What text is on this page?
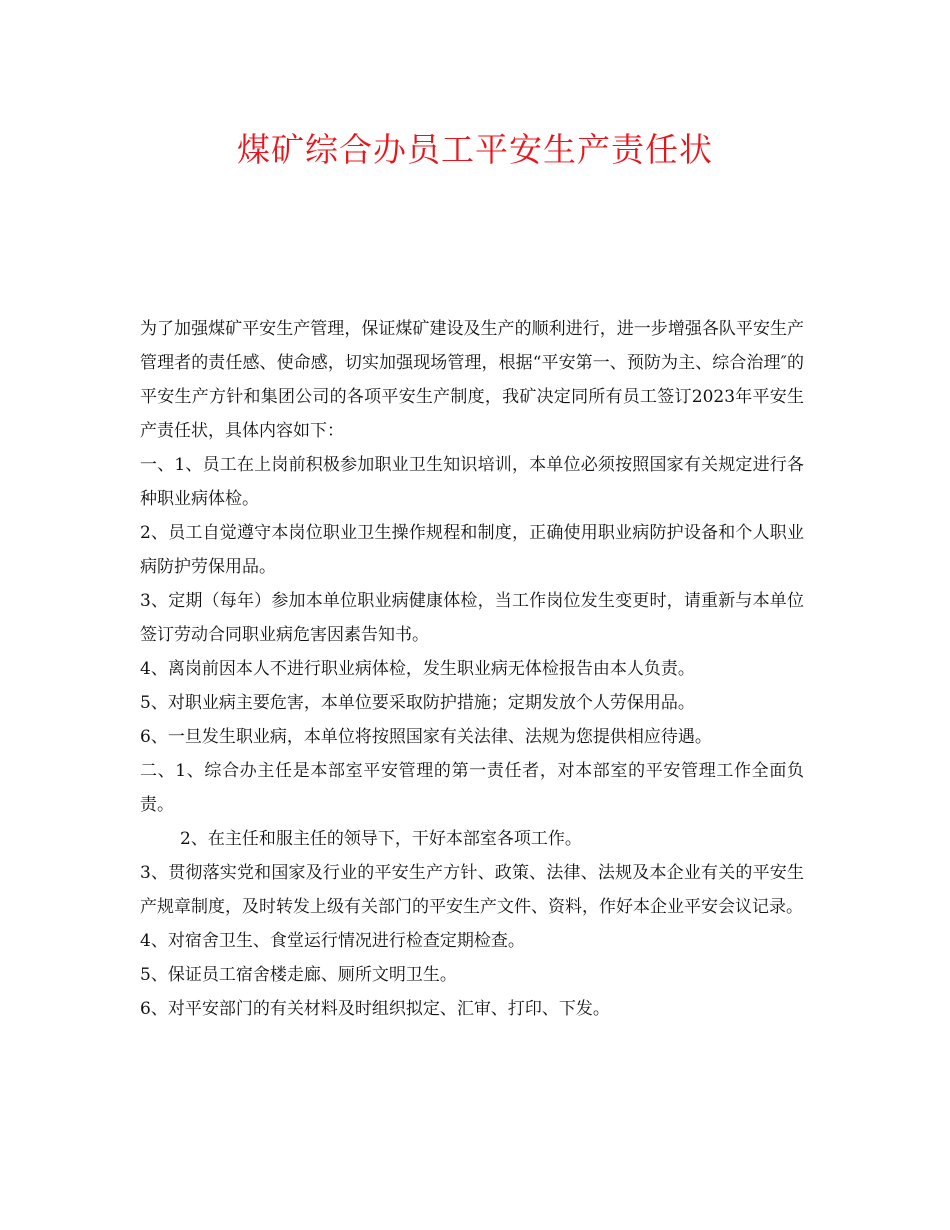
煤矿综合办员工平安生产责任状

为了加强煤矿平安生产管理，保证煤矿建设及生产的顺利进行，进一步增强各队平安生产管理者的责任感、使命感，切实加强现场管理，根据“平安第一、预防为主、综合治理″的平安生产方针和集团公司的各项平安生产制度，我矿决定同所有员工签订2023年平安生产责任状，具体内容如下：

一、1、员工在上岗前积极参加职业卫生知识培训，本单位必须按照国家有关规定进行各种职业病体检。

2、员工自觉遵守本岗位职业卫生操作规程和制度，正确使用职业病防护设备和个人职业病防护劳保用品。

3、定期（每年）参加本单位职业病健康体检，当工作岗位发生变更时，请重新与本单位签订劳动合同职业病危害因素告知书。

4、离岗前因本人不进行职业病体检，发生职业病无体检报告由本人负责。

5、对职业病主要危害，本单位要采取防护措施；定期发放个人劳保用品。

6、一旦发生职业病，本单位将按照国家有关法律、法规为您提供相应待遇。

二、1、综合办主任是本部室平安管理的第一责任者，对本部室的平安管理工作全面负责。

2、在主任和服主任的领导下，干好本部室各项工作。

3、贯彻落实党和国家及行业的平安生产方针、政策、法律、法规及本企业有关的平安生产规章制度，及时转发上级有关部门的平安生产文件、资料，作好本企业平安会议记录。

4、对宿舍卫生、食堂运行情况进行检查定期检查。

5、保证员工宿舍楼走廊、厕所文明卫生。

6、对平安部门的有关材料及时组织拟定、汇审、打印、下发。
